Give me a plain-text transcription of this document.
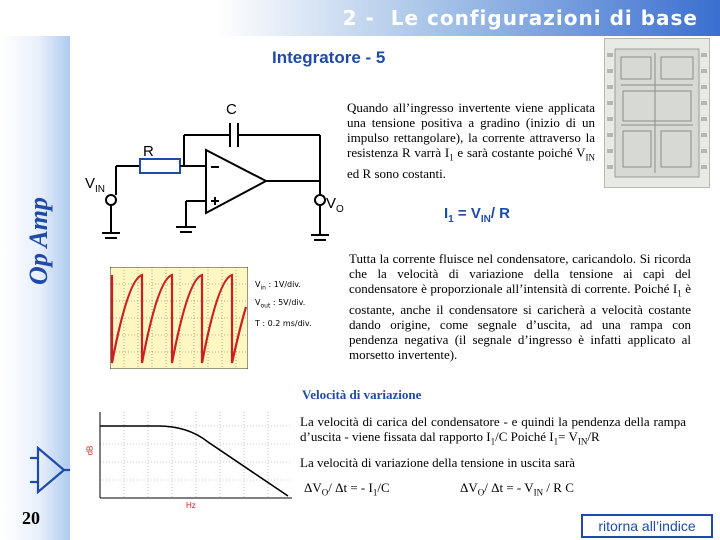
2 -  Le configurazioni di base
Op Amp
Integratore - 5
C
R
$V_{IN}$
$V_O$
Quando all’ingresso invertente viene applicata una tensione positiva a gradino (inizio di un impulso rettangolare), la corrente attraverso la resistenza R varrà $I_1$ e sarà costante poiché $V_{IN}$ ed R sono costanti.
$I_1 = V_{IN}/$ R
Tutta la corrente fluisce nel condensatore, caricandolo. Si ricorda che la velocità di variazione della tensione ai capi del condensatore è proporzionale all’intensità di corrente. Poiché $I_1$ è costante, anche il condensatore si caricherà a velocità costante dando origine, come segnale d’uscita, ad una rampa con pendenza negativa (il segnale d’ingresso è infatti applicato al morsetto invertente).
$V_{in}$ : 1V/div.
$V_{out}$ : 5V/div.
T : 0.2 ms/div.
Velocità di variazione
La velocità di carica del condensatore - e quindi la pendenza della rampa d’uscita - viene fissata dal rapporto $I_1/C$ Poiché $I_1= V_{IN}/R$
La velocità di variazione della tensione in uscita sarà
$\Delta V_O/$ Δt = - $I_1/C$	$\Delta V_O/$ Δt = - $V_{IN}$ / R C
dB
Hz
20	ritorna all’indice
